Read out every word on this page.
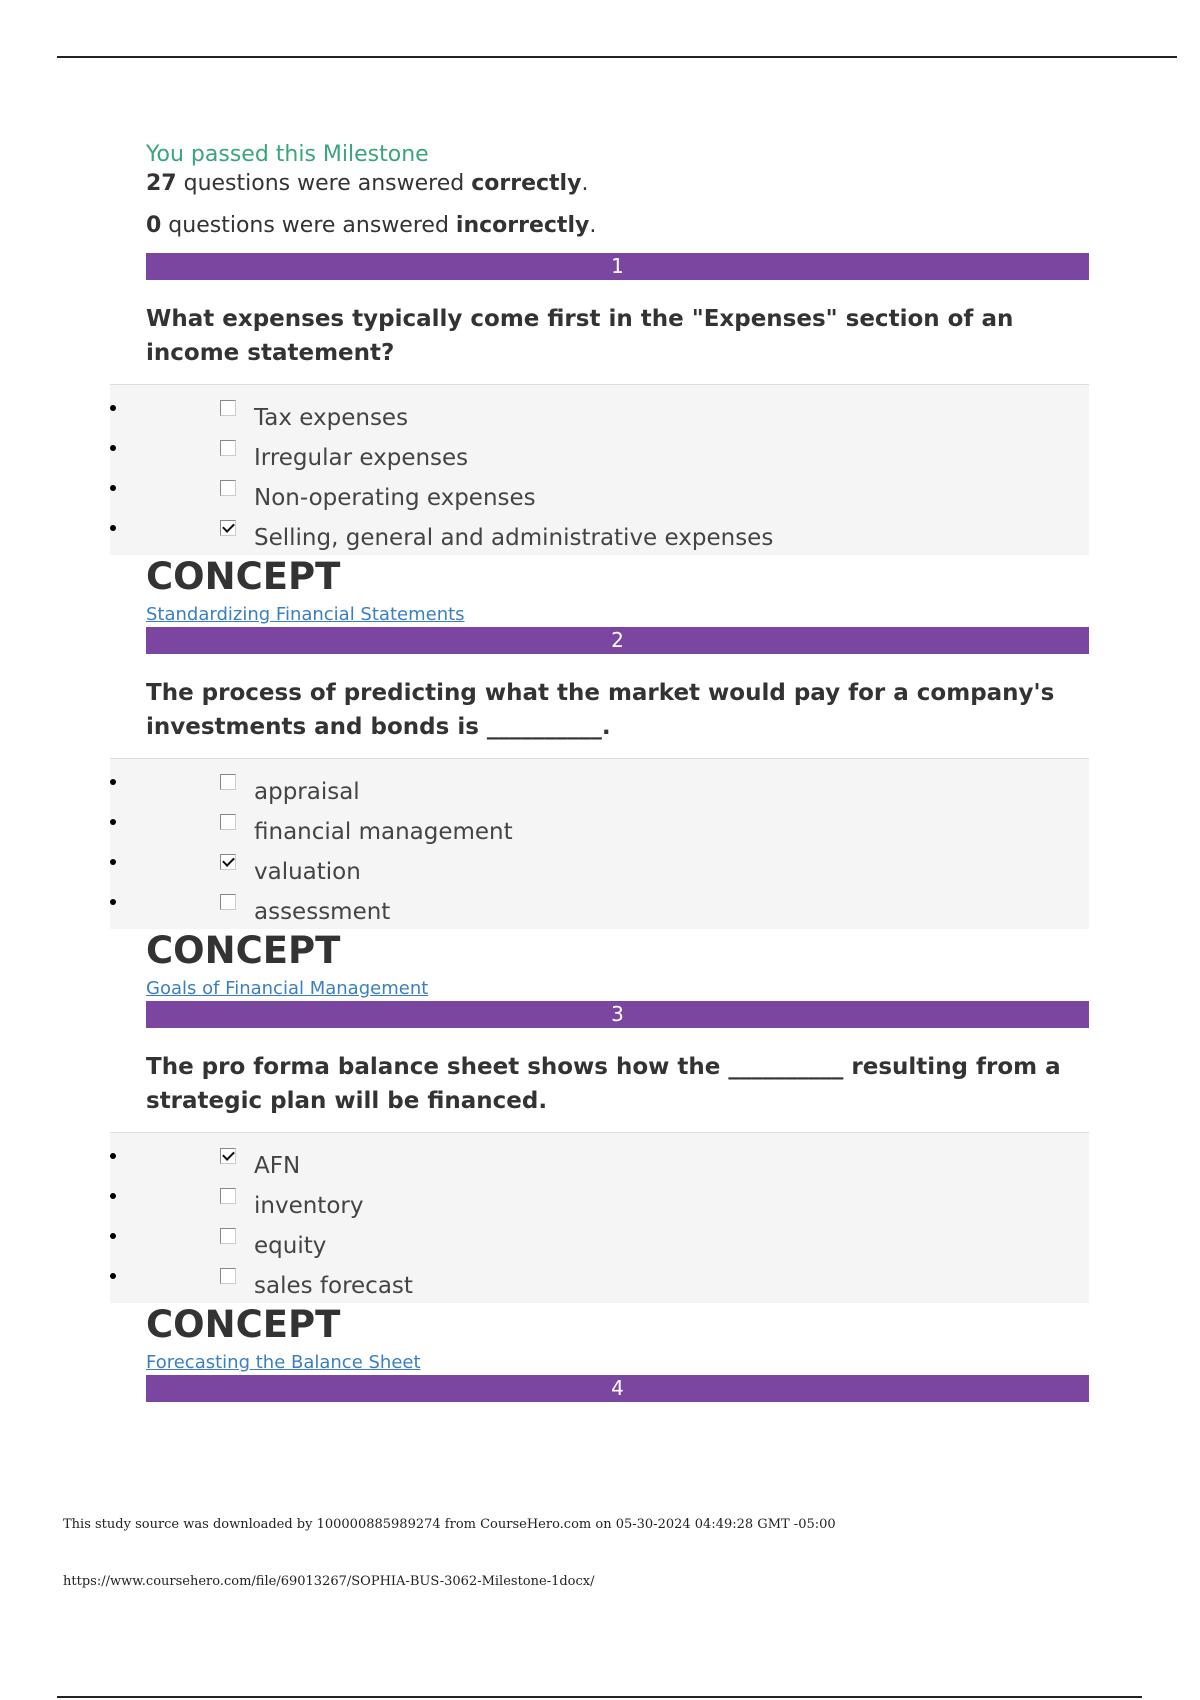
You passed this Milestone

27 questions were answered correctly.

0 questions were answered incorrectly.

1
What expenses typically come first in the "Expenses" section of an income statement?
• Tax expenses
• Irregular expenses
• Non-operating expenses
• Selling, general and administrative expenses
CONCEPT
Standardizing Financial Statements
2
The process of predicting what the market would pay for a company's investments and bonds is __________.
• appraisal
• financial management
• valuation
• assessment
CONCEPT
Goals of Financial Management
3
The pro forma balance sheet shows how the __________ resulting from a strategic plan will be financed.
• AFN
• inventory
• equity
• sales forecast
CONCEPT
Forecasting the Balance Sheet
4
This study source was downloaded by 100000885989274 from CourseHero.com on 05-30-2024 04:49:28 GMT -05:00
https://www.coursehero.com/file/69013267/SOPHIA-BUS-3062-Milestone-1docx/
